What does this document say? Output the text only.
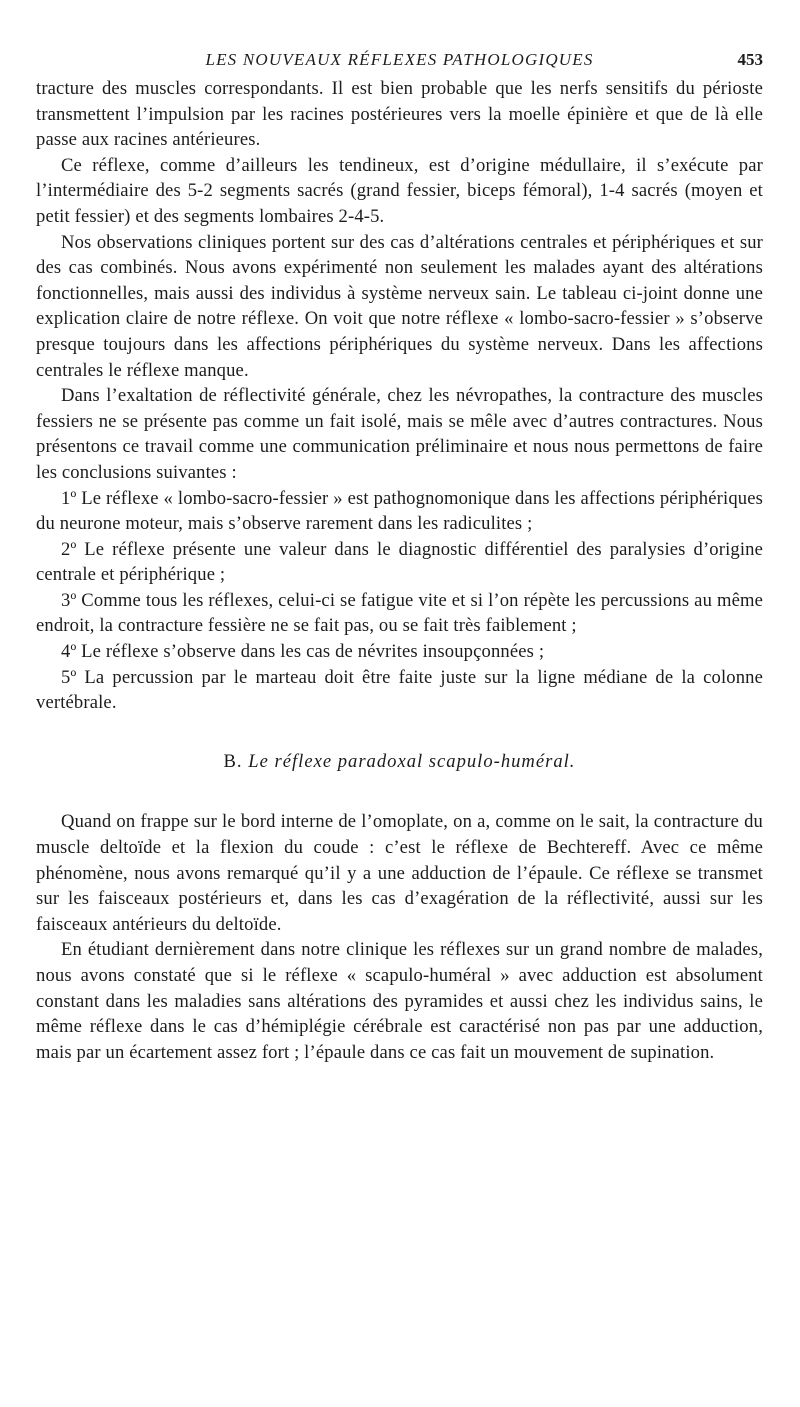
LES NOUVEAUX RÉFLEXES PATHOLOGIQUES	453

tracture des muscles correspondants. Il est bien probable que les nerfs sensitifs du périoste transmettent l’impulsion par les racines postérieures vers la moelle épinière et que de là elle passe aux racines antérieures.

Ce réflexe, comme d’ailleurs les tendineux, est d’origine médullaire, il s’exécute par l’intermédiaire des 5-2 segments sacrés (grand fessier, biceps fémoral), 1-4 sacrés (moyen et petit fessier) et des segments lombaires 2-4-5.

Nos observations cliniques portent sur des cas d’altérations centrales et périphériques et sur des cas combinés. Nous avons expérimenté non seulement les malades ayant des altérations fonctionnelles, mais aussi des individus à système nerveux sain. Le tableau ci-joint donne une explication claire de notre réflexe. On voit que notre réflexe « lombo-sacro-fessier » s’observe presque toujours dans les affections périphériques du système nerveux. Dans les affections centrales le réflexe manque.

Dans l’exaltation de réflectivité générale, chez les névropathes, la contracture des muscles fessiers ne se présente pas comme un fait isolé, mais se mêle avec d’autres contractures. Nous présentons ce travail comme une communication préliminaire et nous nous permettons de faire les conclusions suivantes :

1º Le réflexe « lombo-sacro-fessier » est pathognomonique dans les affections périphériques du neurone moteur, mais s’observe rarement dans les radiculites ;

2º Le réflexe présente une valeur dans le diagnostic différentiel des paralysies d’origine centrale et périphérique ;

3º Comme tous les réflexes, celui-ci se fatigue vite et si l’on répète les percussions au même endroit, la contracture fessière ne se fait pas, ou se fait très faiblement ;

4º Le réflexe s’observe dans les cas de névrites insoupçonnées ;

5º La percussion par le marteau doit être faite juste sur la ligne médiane de la colonne vertébrale.

B. Le réflexe paradoxal scapulo-huméral.

Quand on frappe sur le bord interne de l’omoplate, on a, comme on le sait, la contracture du muscle deltoïde et la flexion du coude : c’est le réflexe de Bechtereff. Avec ce même phénomène, nous avons remarqué qu’il y a une adduction de l’épaule. Ce réflexe se transmet sur les faisceaux postérieurs et, dans les cas d’exagération de la réflectivité, aussi sur les faisceaux antérieurs du deltoïde.

En étudiant dernièrement dans notre clinique les réflexes sur un grand nombre de malades, nous avons constaté que si le réflexe « scapulo-huméral » avec adduction est absolument constant dans les maladies sans altérations des pyramides et aussi chez les individus sains, le même réflexe dans le cas d’hémiplégie cérébrale est caractérisé non pas par une adduction, mais par un écartement assez fort ; l’épaule dans ce cas fait un mouvement de supination.
